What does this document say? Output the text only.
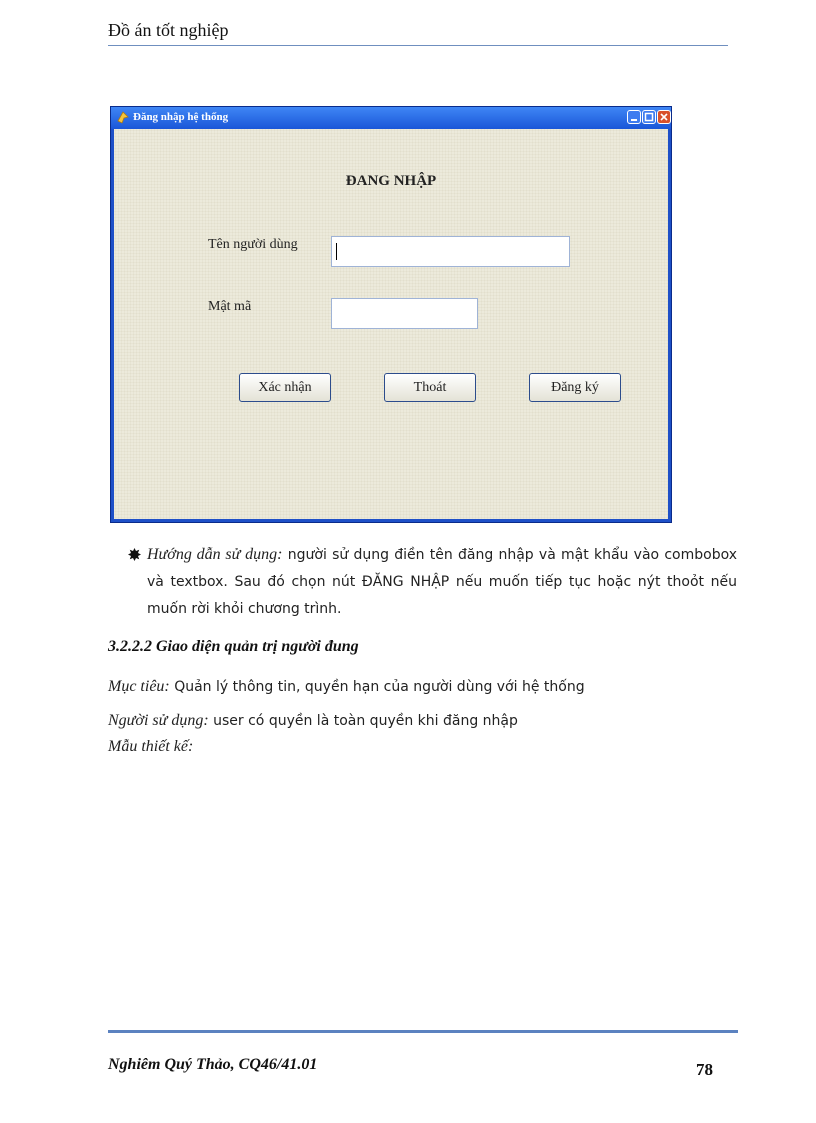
Đồ án tốt nghiệp
Đăng nhập hệ thống
ĐANG NHẬP
Tên người dùng
Mật mã
Xác nhận	Thoát	Đăng ký
Hướng dẫn sử dụng: người sử dụng điền tên đăng nhập và mật khẩu vào combobox và textbox. Sau đó chọn nút ĐĂNG NHẬP nếu muốn tiếp tục hoặc nýt thoỏt nếu muốn rời khỏi chương trình.
3.2.2.2 Giao diện quản trị người đung
Mục tiêu: Quản lý thông tin, quyền hạn của người dùng với hệ thống
Người sử dụng: user có quyền là toàn quyền khi đăng nhập
Mẫu thiết kế:
Nghiêm Quý Thảo, CQ46/41.01	78
